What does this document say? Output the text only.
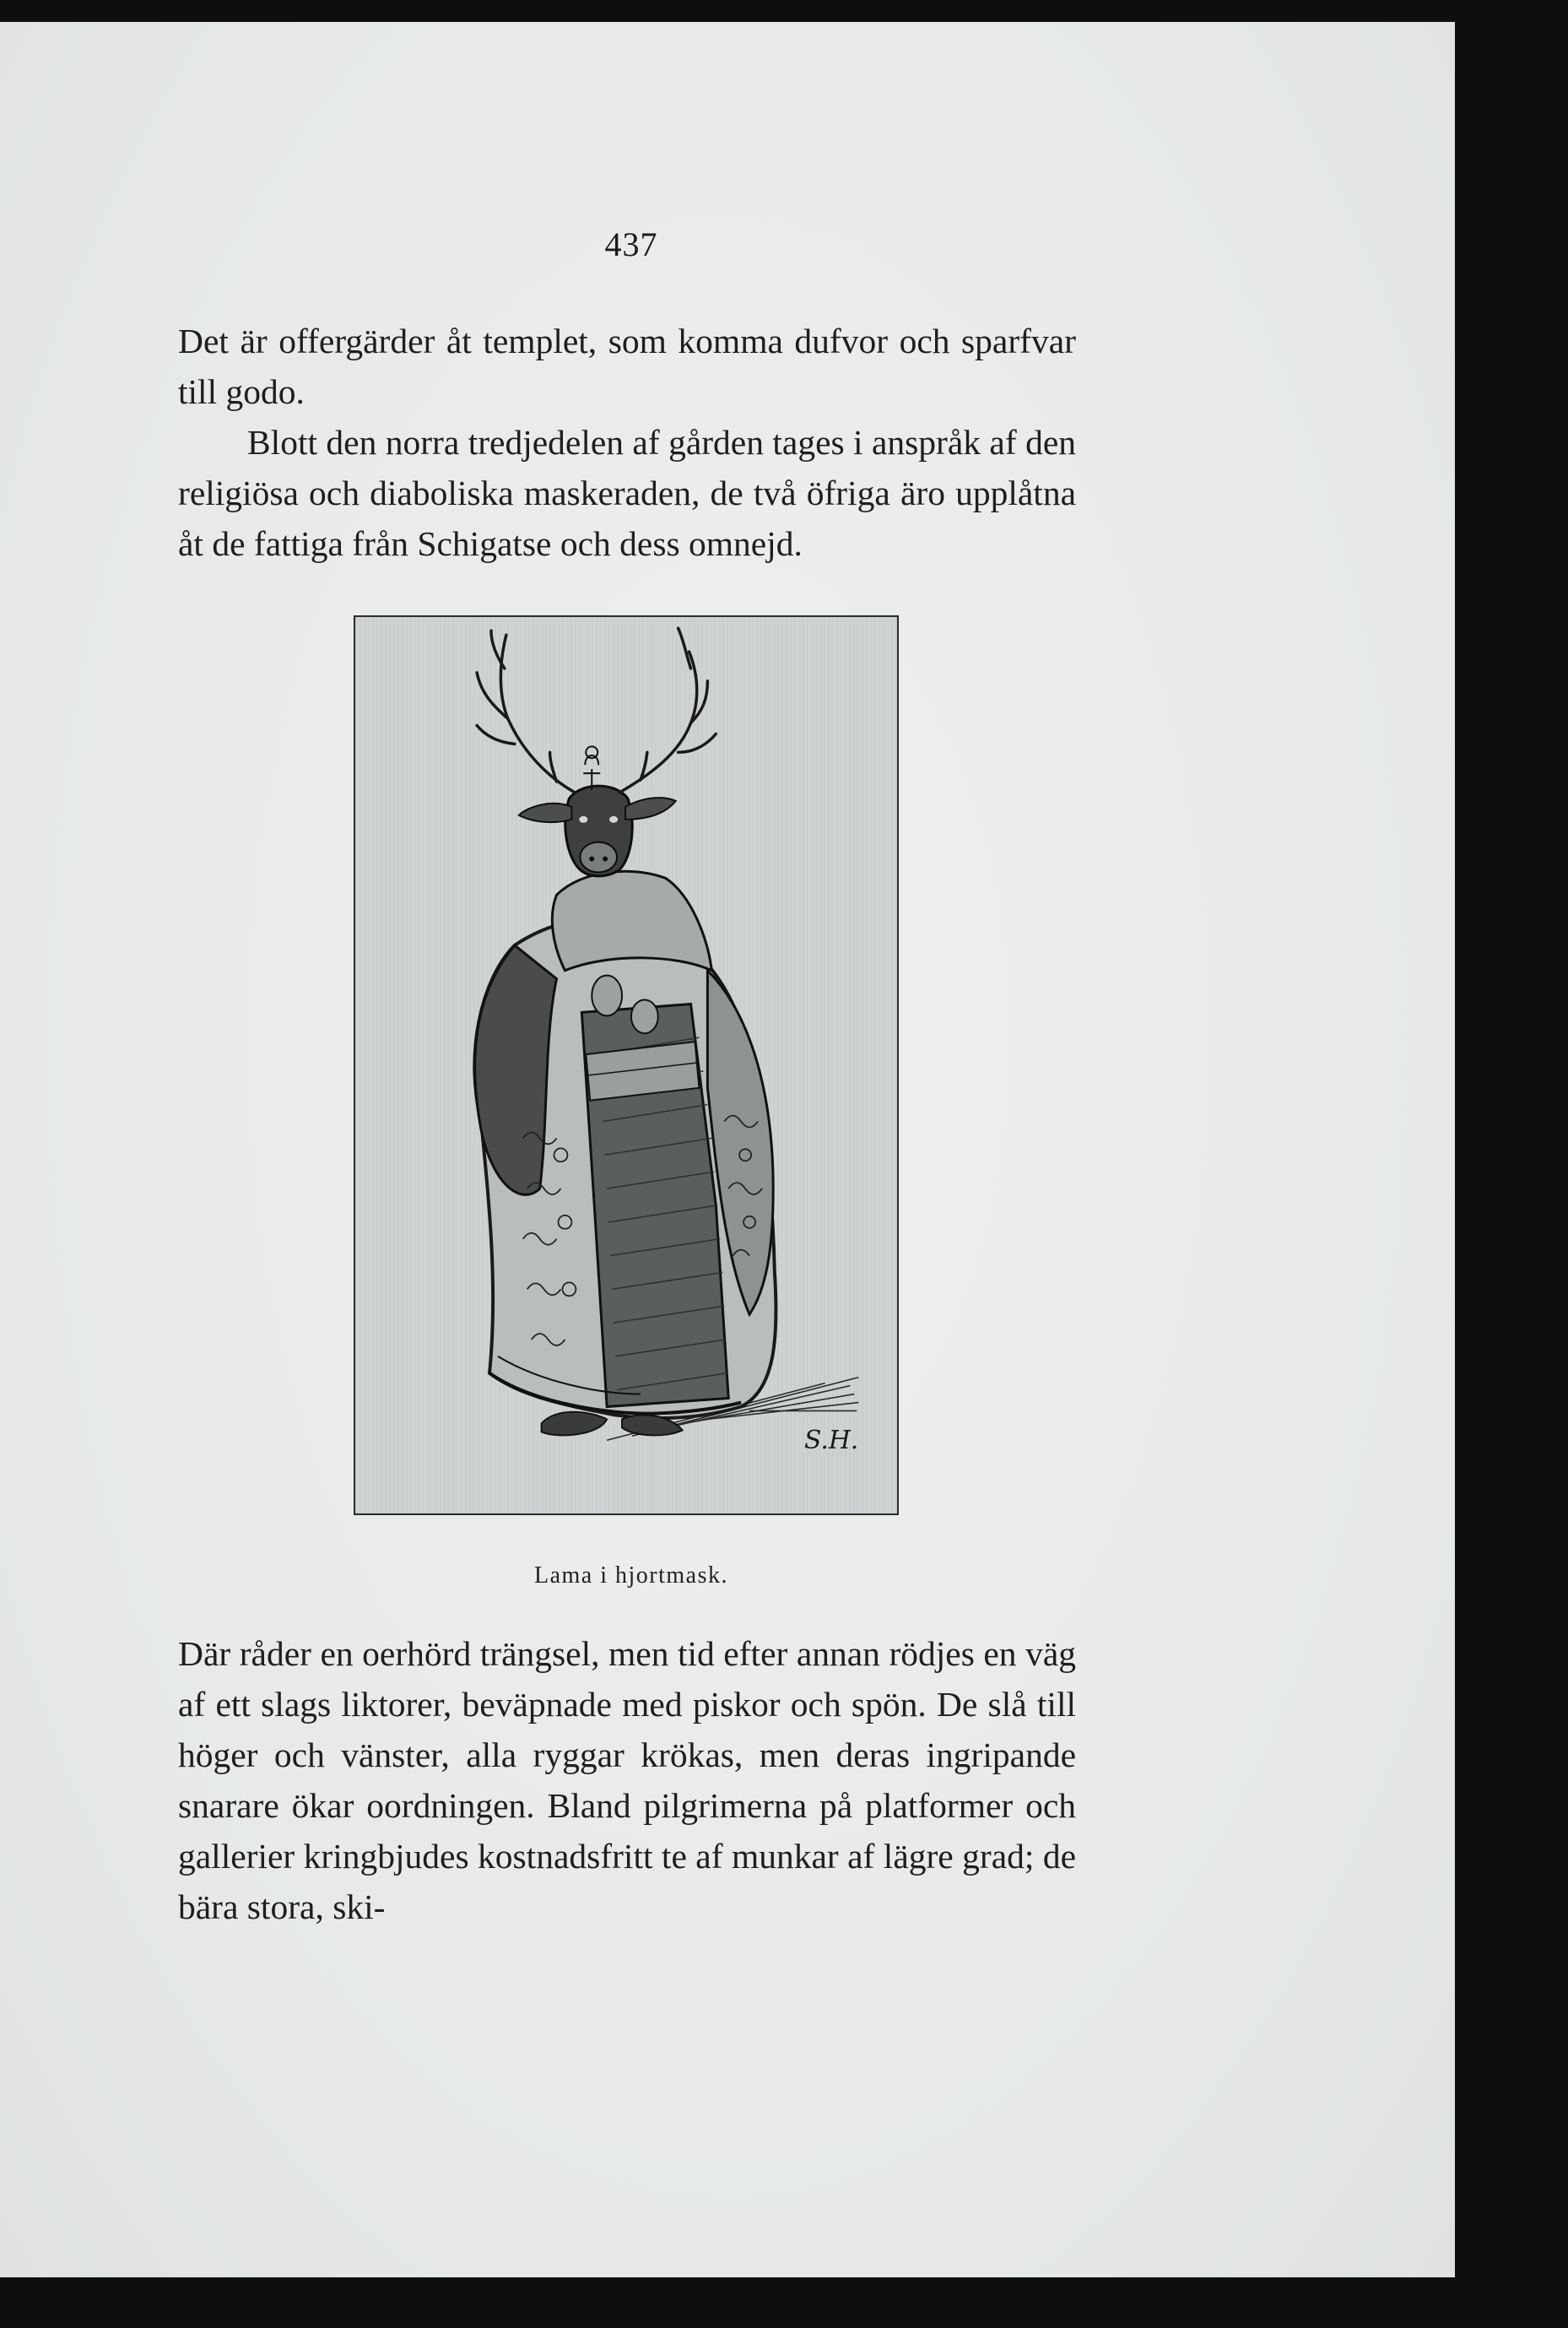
437

Det är offergärder åt templet, som komma dufvor och sparfvar till godo.

Blott den norra tredjedelen af gården tages i anspråk af den religiösa och diaboliska maskeraden, de två öfriga äro upplåtna åt de fattiga från Schigatse och dess omnejd.

S.H.
Lama i hjortmask.

Där råder en oerhörd trängsel, men tid efter annan rödjes en väg af ett slags liktorer, beväpnade med piskor och spön. De slå till höger och vänster, alla ryggar krökas, men deras ingripande snarare ökar oordningen. Bland pilgrimerna på platformer och gallerier kringbjudes kostnadsfritt te af munkar af lägre grad; de bära stora, ski-
